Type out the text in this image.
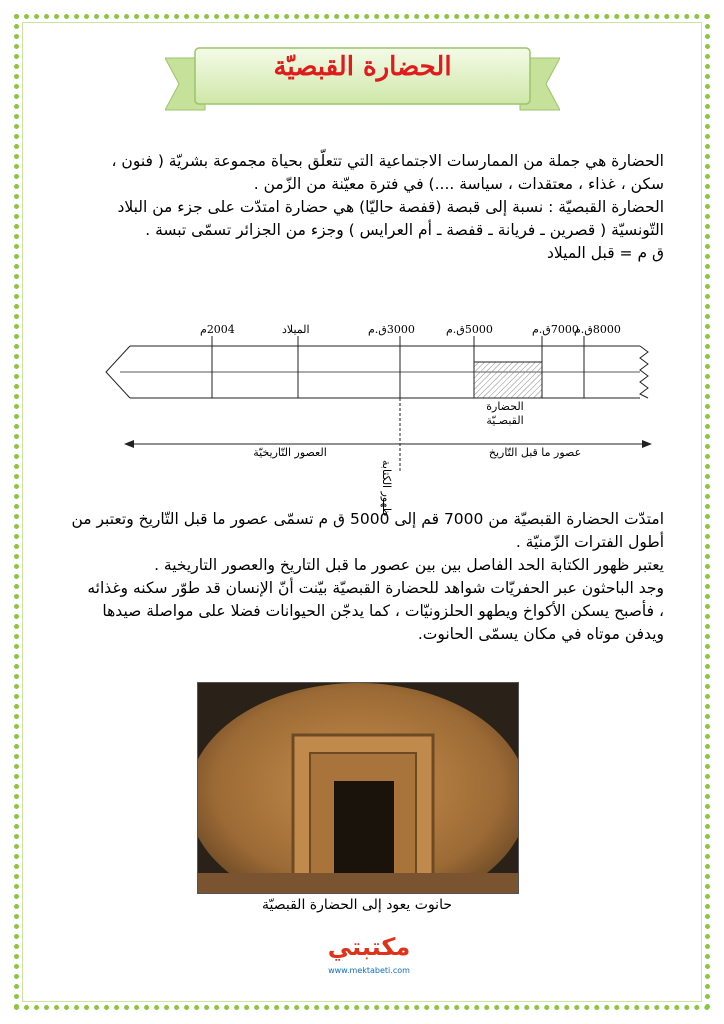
الحضارة القبصيّة
الحضارة هي جملة من الممارسات الاجتماعية التي تتعلّق بحياة مجموعة بشريّة ( فنون ،
سكن ، غذاء ، معتقدات ، سياسة ....) في فترة معيّنة من الزّمن .
الحضارة القبصيّة : نسبة إلى قبصة (قفصة حاليّا) هي حضارة امتدّت على جزء من البلاد
التّونسيّة ( قصرين ـ فريانة ـ قفصة ـ أم العرايس ) وجزء من الجزائر تسمّى تبسة .
ق م = قبل الميلاد
8000ق.م
7000ق.م
5000ق.م
3000ق.م
الميلاد
2004م
الحضارة القبصـيّة
ظهور الكتابة
العصور التّاريخيّة	عصور ما قبل التّاريخ
امتدّت الحضارة القبصيّة من 7000 قم إلى 5000 ق م تسمّى عصور ما قبل التّاريخ وتعتبر من
أطول الفترات الزّمنيّة .
يعتبر ظهور الكتابة الحد الفاصل بين بين عصور ما قبل التاريخ والعصور التاريخية .
وجد الباحثون عبر الحفريّات شواهد للحضارة القبصيّة بيّنت أنّ الإنسان قد طوّر سكنه وغذائه
، فأصبح يسكن الأكواخ ويطهو الحلزونيّات ، كما يدجّن الحيوانات فضلا على مواصلة صيدها
ويدفن موتاه في مكان يسمّى الحانوت.
حانوت يعود إلى الحضارة القبصيّة
مكتبتي
www.mektabeti.com
